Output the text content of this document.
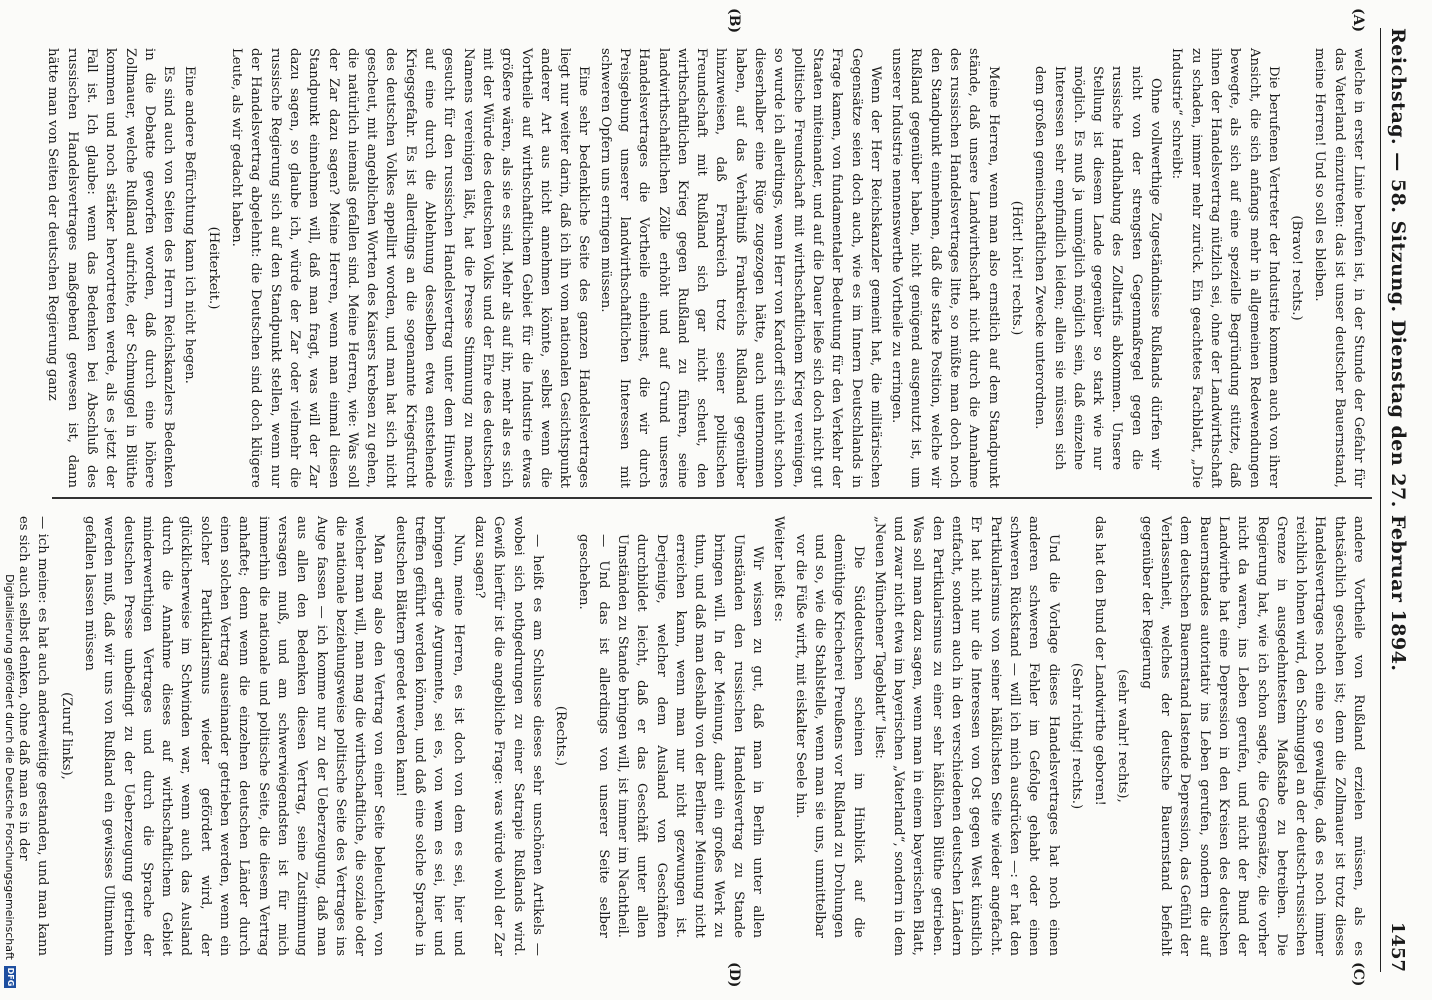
Reichstag. — 58. Sitzung. Dienstag den 27. Februar 1894.
1457
(A)
(B)
(C)
(D)

welche in erster Linie berufen ist, in der Stunde der Gefahr für das Vaterland einzutreten: das ist unser deutscher Bauernstand, meine Herren! Und so soll es bleiben.

(Bravo! rechts.)

Die berufenen Vertreter der Industrie kommen auch von ihrer Ansicht, die sich anfangs mehr in allgemeinen Redewendungen bewegte, als sich auf eine spezielle Begründung stützte, daß ihnen der Handelsvertrag nützlich sei, ohne der Landwirthschaft zu schaden, immer mehr zurück. Ein geachtetes Fachblatt, „Die Industrie“ schreibt:

Ohne vollwerthige Zugeständnisse Rußlands dürfen wir nicht von der strengsten Gegenmaßregel gegen die russische Handhabung des Zolltarifs abkommen. Unsere Stellung ist diesem Lande gegenüber so stark wie nur möglich. Es muß ja unmöglich möglich sein, daß einzelne Interessen sehr empfindlich leiden; allein sie müssen sich dem großen gemeinschaftlichen Zwecke unterordnen.

(Hört! hört! rechts.)

Meine Herren, wenn man also ernstlich auf dem Standpunkt stände, daß unsere Landwirthschaft nicht durch die Annahme des russischen Handelsvertrages litte, so müßte man doch noch den Standpunkt einnehmen, daß die starke Position, welche wir Rußland gegenüber haben, nicht genügend ausgenutzt ist, um unserer Industrie nennenswerthe Vortheile zu erringen.

Wenn der Herr Reichskanzler gemeint hat, die militärischen Gegensätze seien doch auch, wie es im Innern Deutschlands in Frage kamen, von fundamentaler Bedeutung für den Verkehr der Staaten miteinander, und auf die Dauer ließe sich doch nicht gut politische Freundschaft mit wirthschaftlichem Krieg vereinigen, so wurde ich allerdings, wenn Herr von Kardorff sich nicht schon dieserhalber eine Rüge zugezogen hätte, auch unternommen haben, auf das Verhältniß Frankreichs Rußland gegenüber hinzuweisen, daß Frankreich trotz seiner politischen Freundschaft mit Rußland sich gar nicht scheut, den wirthschaftlichen Krieg gegen Rußland zu führen, seine landwirthschaftlichen Zölle erhöht und auf Grund unseres Handelsvertrages die Vortheile einheimst, die wir durch Preisgebung unserer landwirthschaftlichen Interessen mit schweren Opfern uns erringen müssen.

Eine sehr bedenkliche Seite des ganzen Handelsvertrages liegt nur weiter darin, daß ich ihn vom nationalen Gesichtspunkt anderer Art aus nicht annehmen könnte, selbst wenn die Vortheile auf wirthschaftlichem Gebiet für die Industrie etwas größere wären, als sie es sind. Mehr als auf ihr, mehr als es sich mit der Würde des deutschen Volks und der Ehre des deutschen Namens vereinigen läßt, hat die Presse Stimmung zu machen gesucht für den russischen Handelsvertrag unter dem Hinweis auf eine durch die Ablehnung desselben etwa entstehende Kriegsgefahr. Es ist allerdings an die sogenannte Kriegsfurcht des deutschen Volkes appellirt worden, und man hat sich nicht gescheut, mit angeblichen Worten des Kaisers krebsen zu gehen, die natürlich niemals gefallen sind. Meine Herren, wie: Was soll der Zar dazu sagen? Meine Herren, wenn man einmal diesen Standpunkt einnehmen will, daß man fragt, was will der Zar dazu sagen, so glaube ich, würde der Zar oder vielmehr die russische Regierung sich auf den Standpunkt stellen, wenn nur der Handelsvertrag abgelehnt: die Deutschen sind doch klügere Leute, als wir gedacht haben.

(Heiterkeit.)

Eine andere Befürchtung kann ich nicht hegen.

Es sind auch von Seiten des Herrn Reichskanzlers Bedenken in die Debatte geworfen worden, daß durch eine höhere Zollmauer, welche Rußland aufrichte, der Schmuggel in Blüthe kommen und noch stärker hervortreten werde, als es jetzt der Fall ist. Ich glaube: wenn das Bedenken bei Abschluß des russischen Handelsvertrages maßgebend gewesen ist, dann hätte man von Seiten der deutschen Regierung ganz

andere Vortheile von Rußland erzielen müssen, als es thatsächlich geschehen ist; denn die Zollmauer ist trotz dieses Handelsvertrages noch eine so gewaltige, daß es noch immer reichlich lohnen wird, den Schmuggel an der deutsch-russischen Grenze in ausgedehntestem Maßstabe zu betreiben. Die Regierung hat, wie ich schon sagte, die Gegensätze, die vorher nicht da waren, ins Leben gerufen, und nicht der Bund der Landwirthe hat eine Depression in den Kreisen des deutschen Bauernstandes autoritativ ins Leben gerufen, sondern die auf dem deutschen Bauernstand lastende Depression, das Gefühl der Verlassenheit, welches der deutsche Bauernstand befiehlt gegenüber der Regierung

(sehr wahr! rechts),

das hat den Bund der Landwirthe geboren!

(Sehr richtig! rechts.)

Und die Vorlage dieses Handelsvertrages hat noch einen anderen schweren Fehler im Gefolge gehabt oder einen schweren Rückstand — will ich mich ausdrücken —: er hat den Partikularismus von seiner häßlichsten Seite wieder angefacht. Er hat nicht nur die Interessen von Ost gegen West künstlich entfacht, sondern auch in den verschiedenen deutschen Ländern den Partikularismus zu einer sehr häßlichen Blüthe getrieben. Was soll man dazu sagen, wenn man in einem bayerischen Blatt, und zwar nicht etwa im bayerischen „Vaterland“, sondern in dem „Neuen Münchener Tageblatt“ liest:

Die Süddeutschen scheinen im Hinblick auf die demüthige Kriecherei Preußens vor Rußland zu Drohungen und so, wie die Stahlstelle, wenn man sie uns, unmittelbar vor die Füße wirft, mit eiskalter Seele hin.

Weiter heißt es:

Wir wissen zu gut, daß man in Berlin unter allen Umständen den russischen Handelsvertrag zu Stande bringen will. In der Meinung, damit ein großes Werk zu thun, und daß man deshalb von der Berliner Meinung nicht erreichen kann, wenn man nur nicht gezwungen ist. Derjenige, welcher dem Ausland von Geschäften durchbildet leicht, daß er das Geschäft unter allen Umständen zu Stande bringen will, ist immer im Nachtheil. — Und das ist allerdings von unserer Seite selber geschehen.

(Rechts.)

— heißt es am Schlusse dieses sehr unschönen Artikels — wobei sich nothgedrungen zu einer Satrapie Rußlands wird. Gewiß hierfür ist die angebliche Frage: was würde wohl der Zar dazu sagen?

Nun, meine Herren, es ist doch von dem es sei, hier und bringen artige Argumente, sei es, von wem es sei, hier und treffen geführt werden können, und daß eine solche Sprache in deutschen Blättern geredet werden kann!

Man mag also den Vertrag von einer Seite beleuchten, von welcher man will, man mag die wirthschaftliche, die soziale oder die nationale beziehungsweise politische Seite des Vertrages ins Auge fassen — ich komme nur zu der Ueberzeugung, daß man aus allen den Bedenken diesen Vertrag, seine Zustimmung versagen muß, und am schwerwiegendsten ist für mich immerhin die nationale und politische Seite, die diesem Vertrag anhaftet; denn wenn die einzelnen deutschen Länder durch einen solchen Vertrag auseinander getrieben werden, wenn ein solcher Partikularismus wieder gefördert wird, der glücklicherweise im Schwinden war, wenn auch das Ausland durch die Annahme dieses auf wirthschaftlichem Gebiet minderwerthigen Vertrages und durch die Sprache der deutschen Presse unbedingt zu der Ueberzeugung getrieben werden muß, daß wir uns von Rußland ein gewisses Ultimatum gefallen lassen müssen

(Zuruf links),

— ich meine: es hat auch anderweitige gestanden, und man kann es sich auch selbst denken, ohne daß man es in der

Digitalisierung gefördert durch die Deutsche Forschungsgemeinschaft
DFG
